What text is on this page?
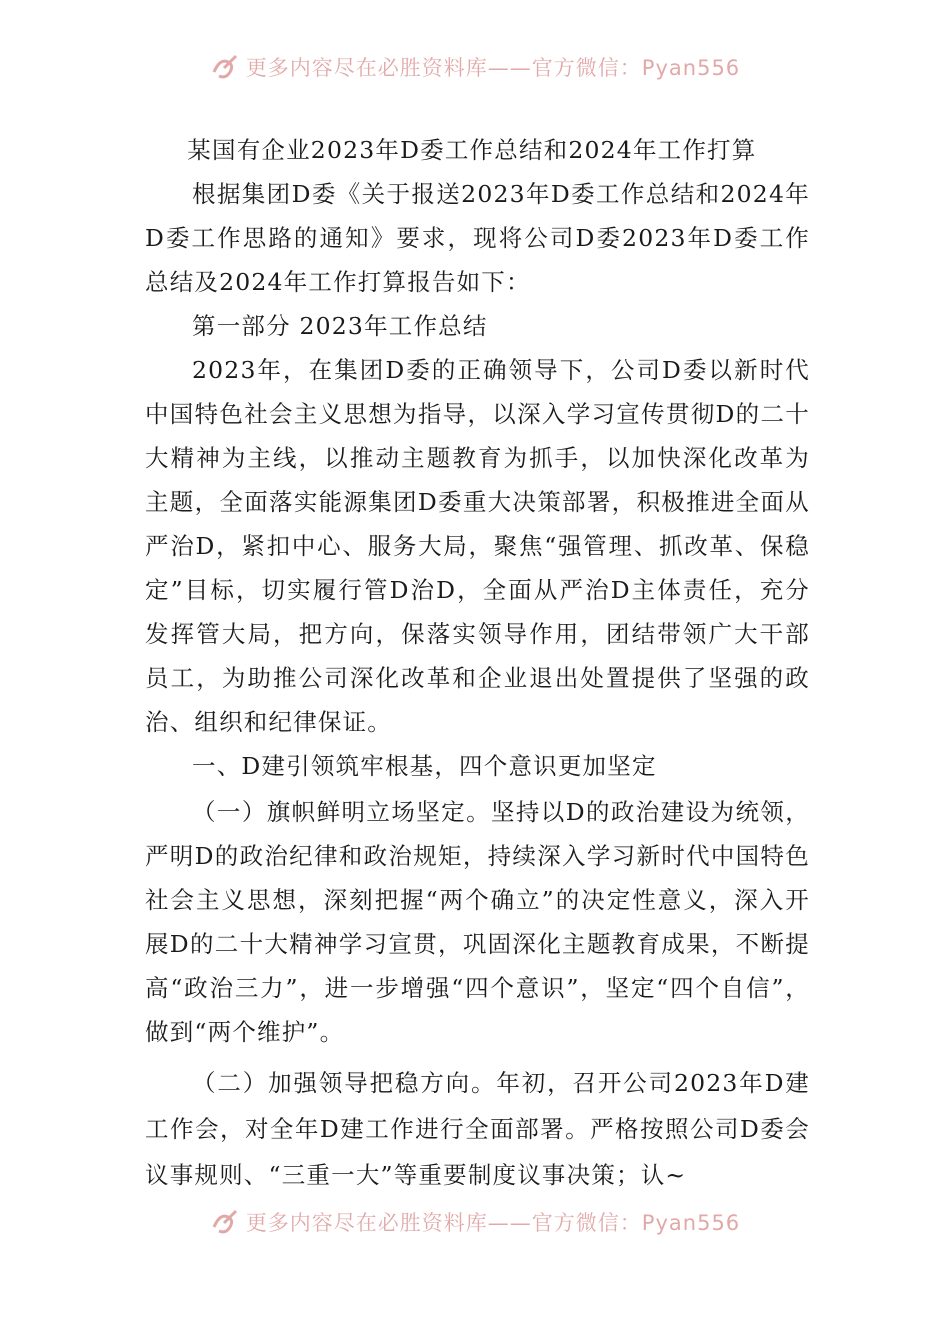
更多内容尽在必胜资料库——官方微信：Pyan556

某国有企业2023年D委工作总结和2024年工作打算

根据集团D委《关于报送2023年D委工作总结和2024年D委工作思路的通知》要求，现将公司D委2023年D委工作总结及2024年工作打算报告如下：

第一部分 2023年工作总结

2023年，在集团D委的正确领导下，公司D委以新时代中国特色社会主义思想为指导，以深入学习宣传贯彻D的二十大精神为主线，以推动主题教育为抓手，以加快深化改革为主题，全面落实能源集团D委重大决策部署，积极推进全面从严治D，紧扣中心、服务大局，聚焦“强管理、抓改革、保稳定”目标，切实履行管D治D，全面从严治D主体责任，充分发挥管大局，把方向，保落实领导作用，团结带领广大干部员工，为助推公司深化改革和企业退出处置提供了坚强的政治、组织和纪律保证。

一、D建引领筑牢根基，四个意识更加坚定

（一）旗帜鲜明立场坚定。坚持以D的政治建设为统领，严明D的政治纪律和政治规矩，持续深入学习新时代中国特色社会主义思想，深刻把握“两个确立”的决定性意义，深入开展D的二十大精神学习宣贯，巩固深化主题教育成果，不断提高“政治三力”，进一步增强“四个意识”，坚定“四个自信”，做到“两个维护”。

（二）加强领导把稳方向。年初，召开公司2023年D建工作会，对全年D建工作进行全面部署。严格按照公司D委会议事规则、“三重一大”等重要制度议事决策；认~

更多内容尽在必胜资料库——官方微信：Pyan556
